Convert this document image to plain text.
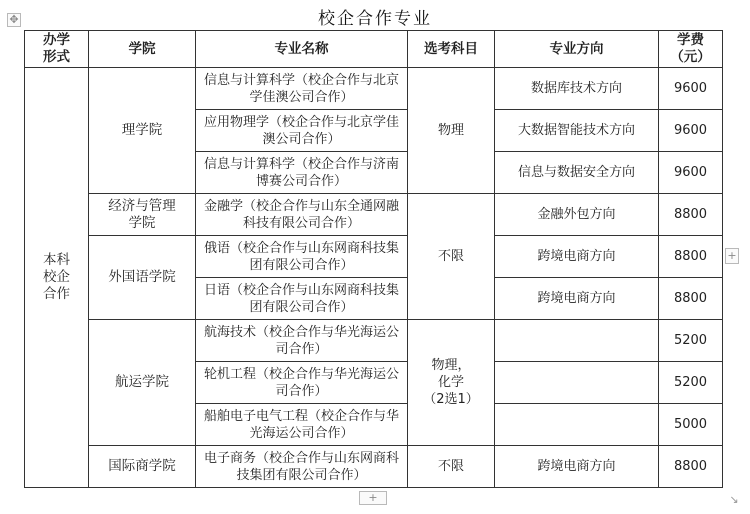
校企合作专业
✥
办学
形式	学院	专业名称	选考科目	专业方向	学费
（元）
本科
校企
合作	理学院	信息与计算科学（校企合作与北京学佳澳公司合作）	物理	数据库技术方向	9600
		应用物理学（校企合作与北京学佳澳公司合作）		大数据智能技术方向	9600
		信息与计算科学（校企合作与济南博赛公司合作）		信息与数据安全方向	9600
	经济与管理
学院	金融学（校企合作与山东全通网融科技有限公司合作）	不限	金融外包方向	8800
	外国语学院	俄语（校企合作与山东网商科技集团有限公司合作）		跨境电商方向	8800
		日语（校企合作与山东网商科技集团有限公司合作）		跨境电商方向	8800
	航运学院	航海技术（校企合作与华光海运公司合作）	物理，
化学
（2选1）		5200
		轮机工程（校企合作与华光海运公司合作）			5200
		船舶电子电气工程（校企合作与华光海运公司合作）			5000
	国际商学院	电子商务（校企合作与山东网商科技集团有限公司合作）	不限	跨境电商方向	8800
+
+	↘
